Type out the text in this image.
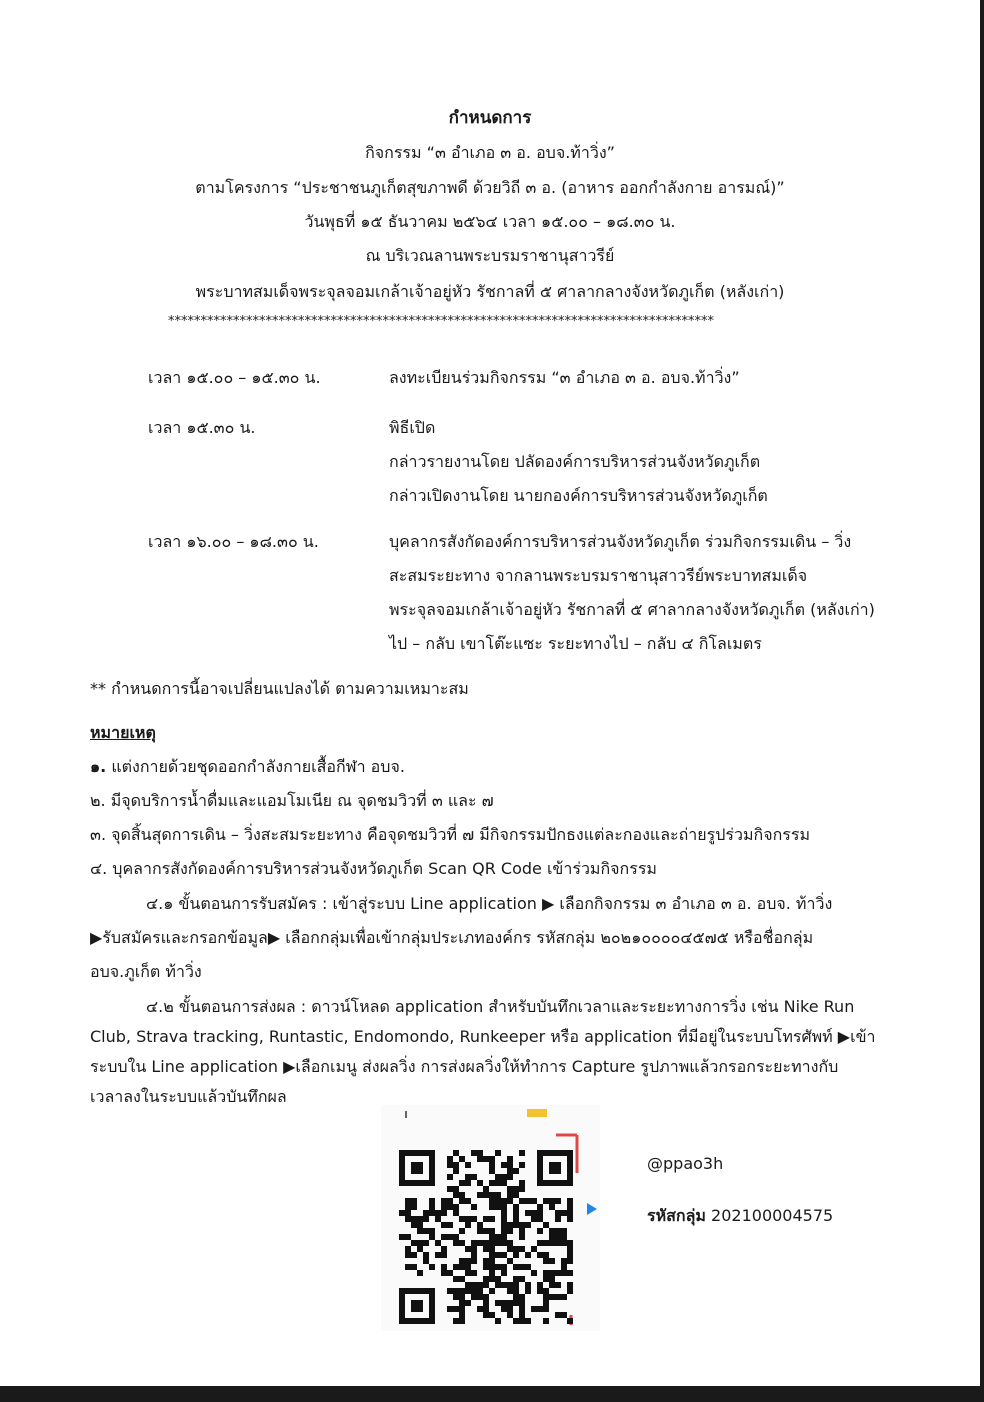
กำหนดการ
กิจกรรม “๓ อำเภอ ๓ อ. อบจ.ท้าวิ่ง”
ตามโครงการ “ประชาชนภูเก็ตสุขภาพดี ด้วยวิถี ๓ อ. (อาหาร ออกกำลังกาย อารมณ์)”
วันพุธที่ ๑๕ ธันวาคม ๒๕๖๔ เวลา ๑๕.๐๐ – ๑๘.๓๐ น.
ณ บริเวณลานพระบรมราชานุสาวรีย์
พระบาทสมเด็จพระจุลจอมเกล้าเจ้าอยู่หัว รัชกาลที่ ๕ ศาลากลางจังหวัดภูเก็ต (หลังเก่า)
************************************************************************************
เวลา ๑๕.๐๐ – ๑๕.๓๐ น.	ลงทะเบียนร่วมกิจกรรม “๓ อำเภอ ๓ อ. อบจ.ท้าวิ่ง”
เวลา ๑๕.๓๐ น.	พิธีเปิด
กล่าวรายงานโดย ปลัดองค์การบริหารส่วนจังหวัดภูเก็ต
กล่าวเปิดงานโดย นายกองค์การบริหารส่วนจังหวัดภูเก็ต
เวลา ๑๖.๐๐ – ๑๘.๓๐ น.	บุคลากรสังกัดองค์การบริหารส่วนจังหวัดภูเก็ต ร่วมกิจกรรมเดิน – วิ่ง
สะสมระยะทาง จากลานพระบรมราชานุสาวรีย์พระบาทสมเด็จ
พระจุลจอมเกล้าเจ้าอยู่หัว รัชกาลที่ ๕ ศาลากลางจังหวัดภูเก็ต (หลังเก่า)
ไป – กลับ เขาโต๊ะแซะ ระยะทางไป – กลับ ๔ กิโลเมตร
** กำหนดการนี้อาจเปลี่ยนแปลงได้ ตามความเหมาะสม
หมายเหตุ
๑. แต่งกายด้วยชุดออกกำลังกายเสื้อกีฬา อบจ.
๒. มีจุดบริการน้ำดื่มและแอมโมเนีย ณ จุดชมวิวที่ ๓ และ ๗
๓. จุดสิ้นสุดการเดิน – วิ่งสะสมระยะทาง คือจุดชมวิวที่ ๗ มีกิจกรรมปักธงแต่ละกองและถ่ายรูปร่วมกิจกรรม
๔. บุคลากรสังกัดองค์การบริหารส่วนจังหวัดภูเก็ต Scan QR Code เข้าร่วมกิจกรรม
๔.๑ ขั้นตอนการรับสมัคร : เข้าสู่ระบบ Line application ▶ เลือกกิจกรรม ๓ อำเภอ ๓ อ. อบจ. ท้าวิ่ง
▶รับสมัครและกรอกข้อมูล▶ เลือกกลุ่มเพื่อเข้ากลุ่มประเภทองค์กร รหัสกลุ่ม ๒๐๒๑๐๐๐๐๔๕๗๕ หรือชื่อกลุ่ม
อบจ.ภูเก็ต ท้าวิ่ง
๔.๒ ขั้นตอนการส่งผล : ดาวน์โหลด application สำหรับบันทึกเวลาและระยะทางการวิ่ง เช่น Nike Run
Club, Strava tracking, Runtastic, Endomondo, Runkeeper หรือ application ที่มีอยู่ในระบบโทรศัพท์ ▶เข้า
ระบบใน Line application ▶เลือกเมนู ส่งผลวิ่ง การส่งผลวิ่งให้ทำการ Capture รูปภาพแล้วกรอกระยะทางกับ
เวลาลงในระบบแล้วบันทึกผล
@ppao3h
รหัสกลุ่ม 202100004575
